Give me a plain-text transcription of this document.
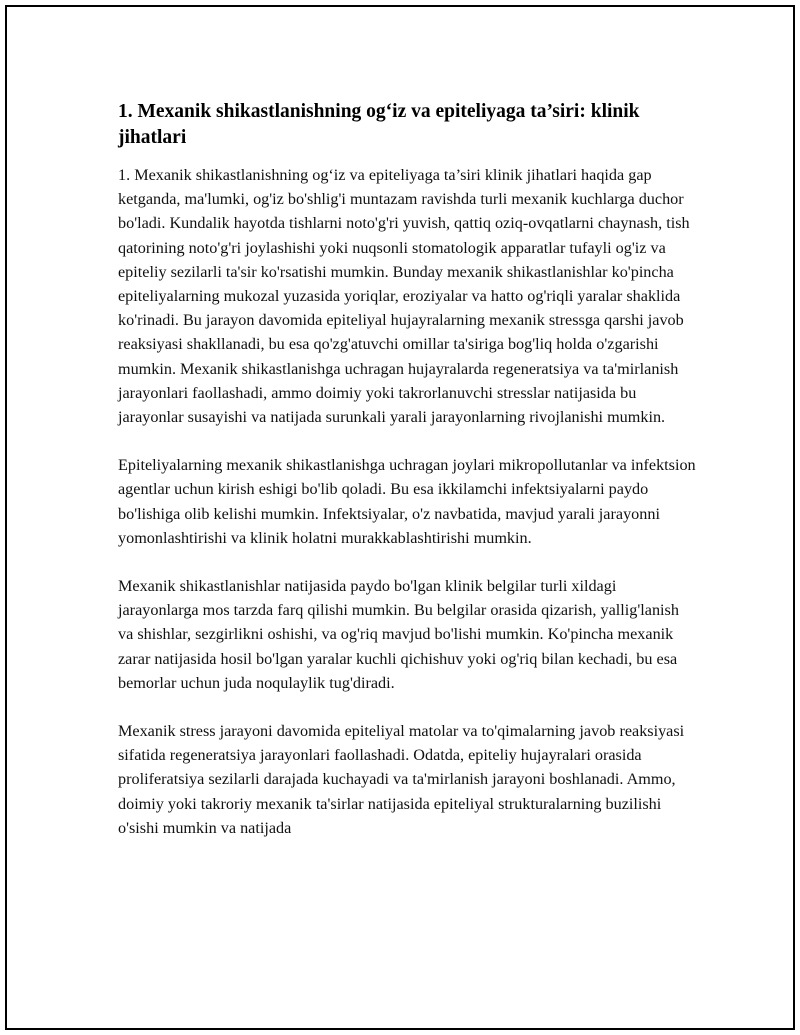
1. Mexanik shikastlanishning og‘iz va epiteliyaga ta’siri: klinik jihatlari

1. Mexanik shikastlanishning og‘iz va epiteliyaga ta’siri klinik jihatlari haqida gap ketganda, ma'lumki, og'iz bo'shlig'i muntazam ravishda turli mexanik kuchlarga duchor bo'ladi. Kundalik hayotda tishlarni noto'g'ri yuvish, qattiq oziq-ovqatlarni chaynash, tish qatorining noto'g'ri joylashishi yoki nuqsonli stomatologik apparatlar tufayli og'iz va epiteliy sezilarli ta'sir ko'rsatishi mumkin. Bunday mexanik shikastlanishlar ko'pincha epiteliyalarning mukozal yuzasida yoriqlar, eroziyalar va hatto og'riqli yaralar shaklida ko'rinadi. Bu jarayon davomida epiteliyal hujayralarning mexanik stressga qarshi javob reaksiyasi shakllanadi, bu esa qo'zg'atuvchi omillar ta'siriga bog'liq holda o'zgarishi mumkin. Mexanik shikastlanishga uchragan hujayralarda regeneratsiya va ta'mirlanish jarayonlari faollashadi, ammo doimiy yoki takrorlanuvchi stresslar natijasida bu jarayonlar susayishi va natijada surunkali yarali jarayonlarning rivojlanishi mumkin.

Epiteliyalarning mexanik shikastlanishga uchragan joylari mikropollutanlar va infektsion agentlar uchun kirish eshigi bo'lib qoladi. Bu esa ikkilamchi infektsiyalarni paydo bo'lishiga olib kelishi mumkin. Infektsiyalar, o'z navbatida, mavjud yarali jarayonni yomonlashtirishi va klinik holatni murakkablashtirishi mumkin.

Mexanik shikastlanishlar natijasida paydo bo'lgan klinik belgilar turli xildagi jarayonlarga mos tarzda farq qilishi mumkin. Bu belgilar orasida qizarish, yallig'lanish va shishlar, sezgirlikni oshishi, va og'riq mavjud bo'lishi mumkin. Ko'pincha mexanik zarar natijasida hosil bo'lgan yaralar kuchli qichishuv yoki og'riq bilan kechadi, bu esa bemorlar uchun juda noqulaylik tug'diradi.

Mexanik stress jarayoni davomida epiteliyal matolar va to'qimalarning javob reaksiyasi sifatida regeneratsiya jarayonlari faollashadi. Odatda, epiteliy hujayralari orasida proliferatsiya sezilarli darajada kuchayadi va ta'mirlanish jarayoni boshlanadi. Ammo, doimiy yoki takroriy mexanik ta'sirlar natijasida epiteliyal strukturalarning buzilishi o'sishi mumkin va natijada
